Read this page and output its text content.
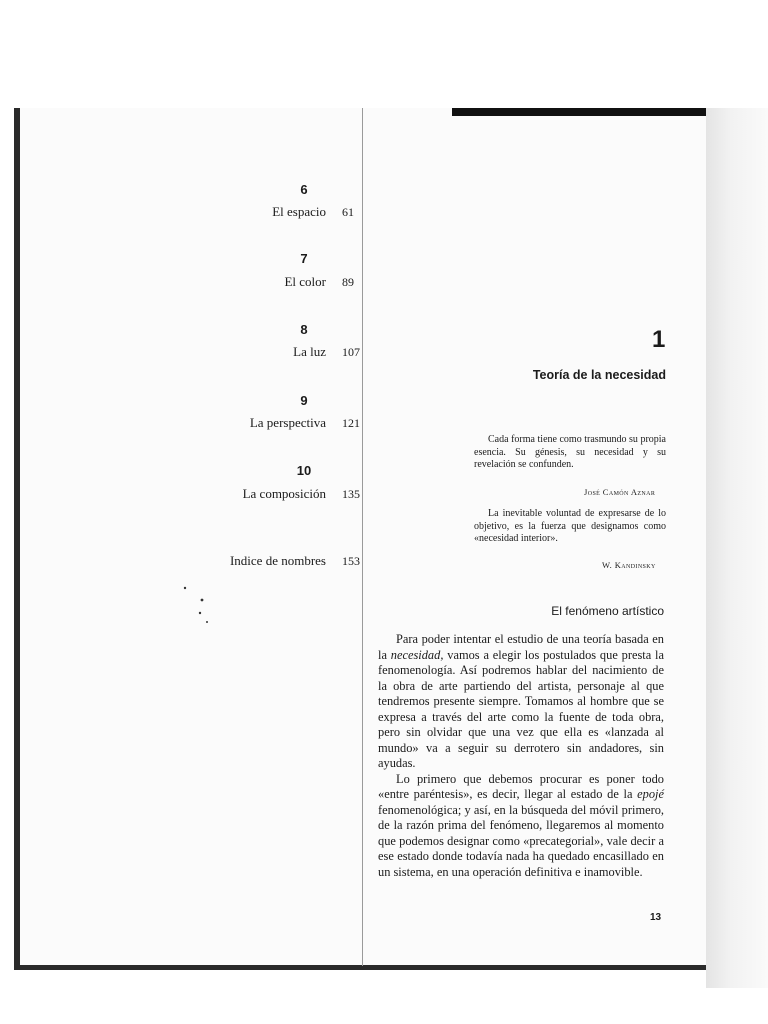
6
El espacio 61
7
El color 89
8
La luz 107
9
La perspectiva 121
10
La composición 135
Indice de nombres 153
1
Teoría de la necesidad
Cada forma tiene como trasmundo su propia esencia. Su génesis, su necesidad y su revelación se confunden.
José Camón Aznar
La inevitable voluntad de expresarse de lo objetivo, es la fuerza que designamos como «necesidad interior».
W. Kandinsky
El fenómeno artístico

Para poder intentar el estudio de una teoría basada en la necesidad, vamos a elegir los postulados que presta la fenomenología. Así podremos hablar del nacimiento de la obra de arte partiendo del artista, personaje al que tendremos presente siempre. Tomamos al hombre que se expresa a través del arte como la fuente de toda obra, pero sin olvidar que una vez que ella es «lanzada al mundo» va a seguir su derrotero sin andadores, sin ayudas.

Lo primero que debemos procurar es poner todo «entre paréntesis», es decir, llegar al estado de la epojé fenomenológica; y así, en la búsqueda del móvil primero, de la razón prima del fenómeno, llegaremos al momento que podemos designar como «precategorial», vale decir a ese estado donde todavía nada ha quedado encasillado en un sistema, en una operación definitiva e inamovible.

13
